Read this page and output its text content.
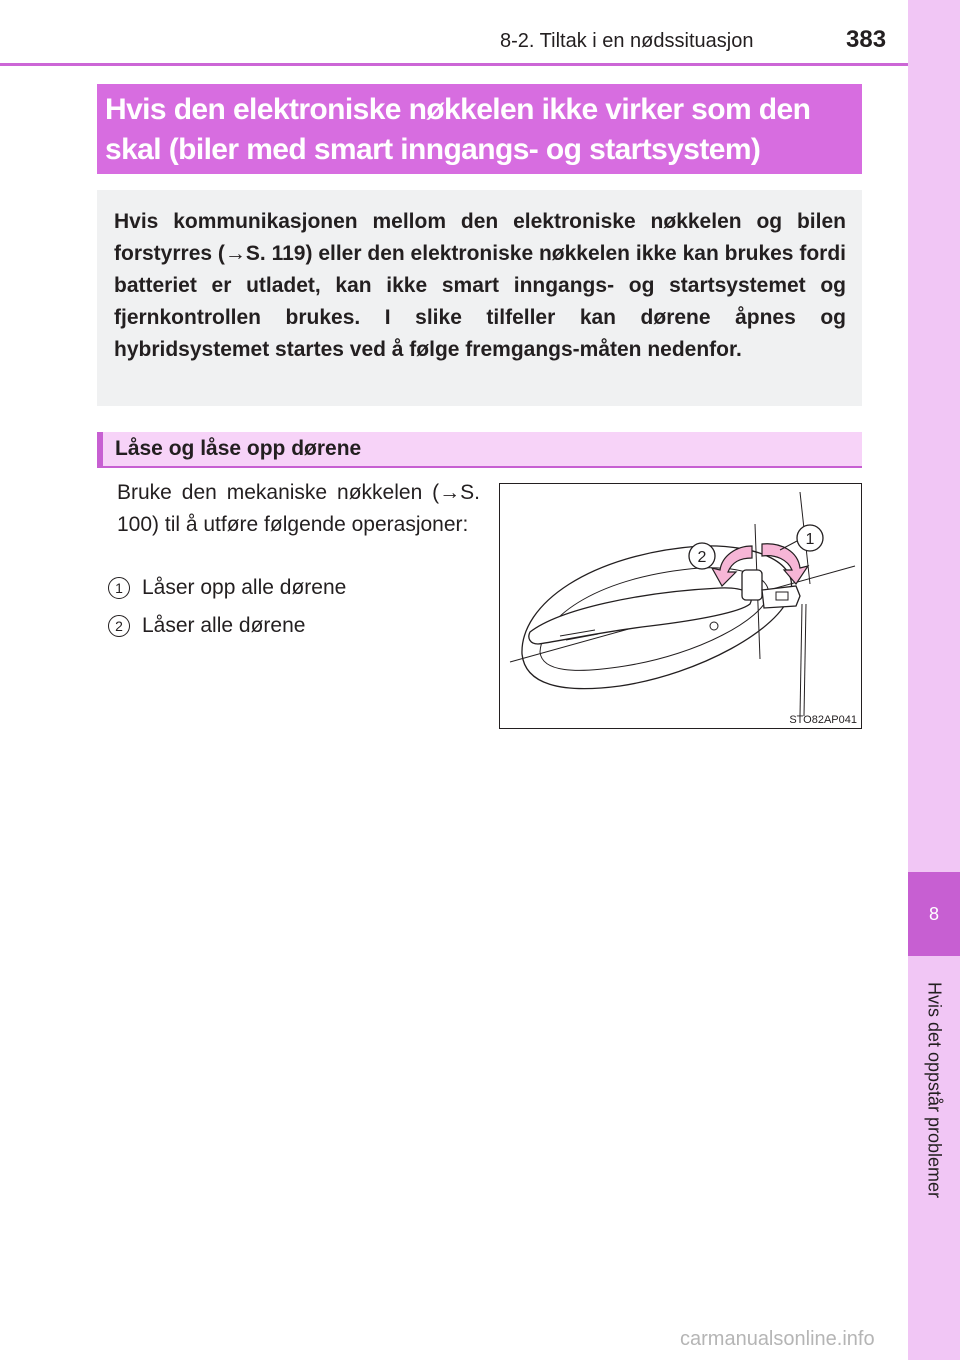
8-2. Tiltak i en nødssituasjon	383
8
Hvis det oppstår problemer
Hvis den elektroniske nøkkelen ikke virker som den
skal (biler med smart inngangs- og startsystem)
Hvis kommunikasjonen mellom den elektroniske nøkkelen og bilen forstyrres (→S. 119) eller den elektroniske nøkkelen ikke kan brukes fordi batteriet er utladet, kan ikke smart inngangs- og startsystemet og fjernkontrollen brukes. I slike tilfeller kan dørene åpnes og hybridsystemet startes ved å følge fremgangs-måten nedenfor.
Låse og låse opp dørene
Bruke den mekaniske nøkkelen (→S. 100) til å utføre følgende operasjoner:
1 Låser opp alle dørene
2 Låser alle dørene
1
2
STO82AP041
carmanualsonline.info
